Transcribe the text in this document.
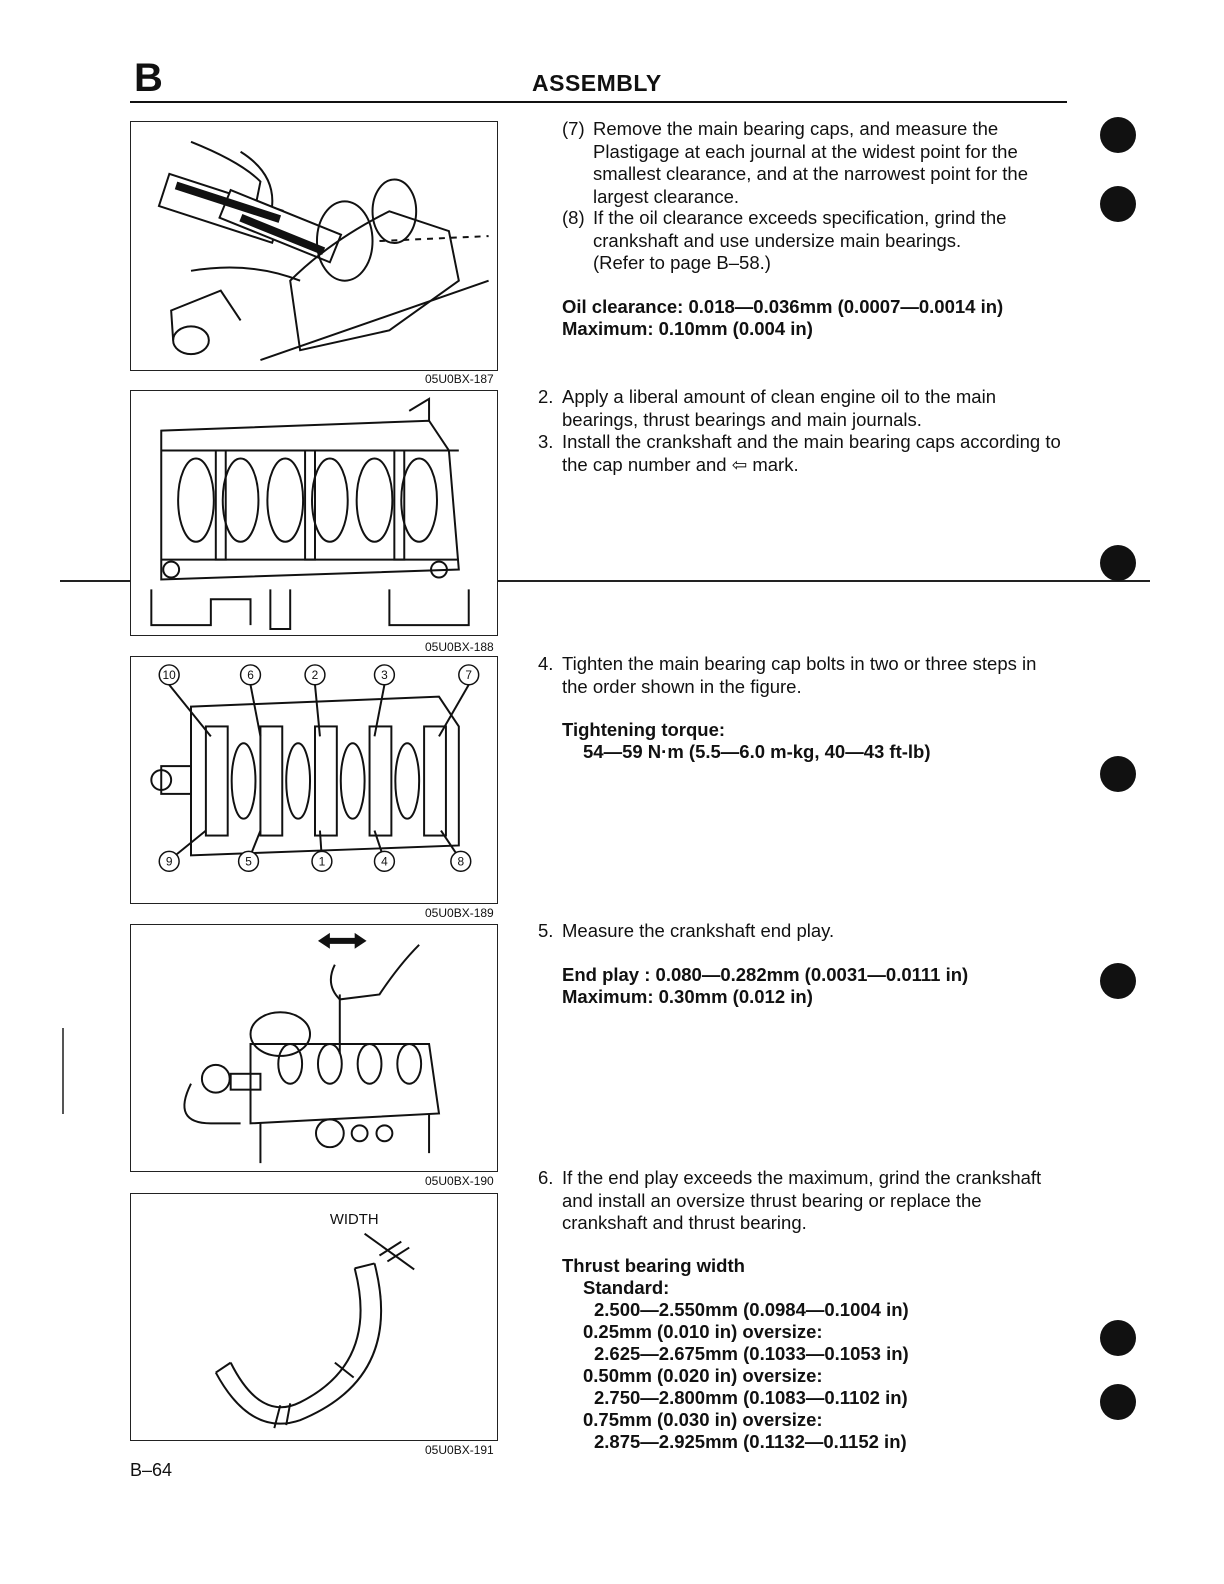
B	ASSEMBLY
05U0BX-187
05U0BX-188
10	6	2	3	7
9	5	1	4	8
05U0BX-189
05U0BX-190
WIDTH
05U0BX-191
(7) Remove the main bearing caps, and measure the Plastigage at each journal at the widest point for the smallest clearance, and at the narrowest point for the largest clearance.
(8) If the oil clearance exceeds specification, grind the crankshaft and use undersize main bearings.
(Refer to page B–58.)
Oil clearance: 0.018—0.036mm (0.0007—0.0014 in)
Maximum: 0.10mm (0.004 in)
2. Apply a liberal amount of clean engine oil to the main bearings, thrust bearings and main journals.
3. Install the crankshaft and the main bearing caps according to the cap number and ⇦ mark.
4. Tighten the main bearing cap bolts in two or three steps in the order shown in the figure.
Tightening torque:
54—59 N·m (5.5—6.0 m-kg, 40—43 ft-lb)
5. Measure the crankshaft end play.
End play : 0.080—0.282mm (0.0031—0.0111 in)
Maximum: 0.30mm (0.012 in)
6. If the end play exceeds the maximum, grind the crankshaft and install an oversize thrust bearing or replace the crankshaft and thrust bearing.
Thrust bearing width
Standard:
2.500—2.550mm (0.0984—0.1004 in)
0.25mm (0.010 in) oversize:
2.625—2.675mm (0.1033—0.1053 in)
0.50mm (0.020 in) oversize:
2.750—2.800mm (0.1083—0.1102 in)
0.75mm (0.030 in) oversize:
2.875—2.925mm (0.1132—0.1152 in)
B–64
